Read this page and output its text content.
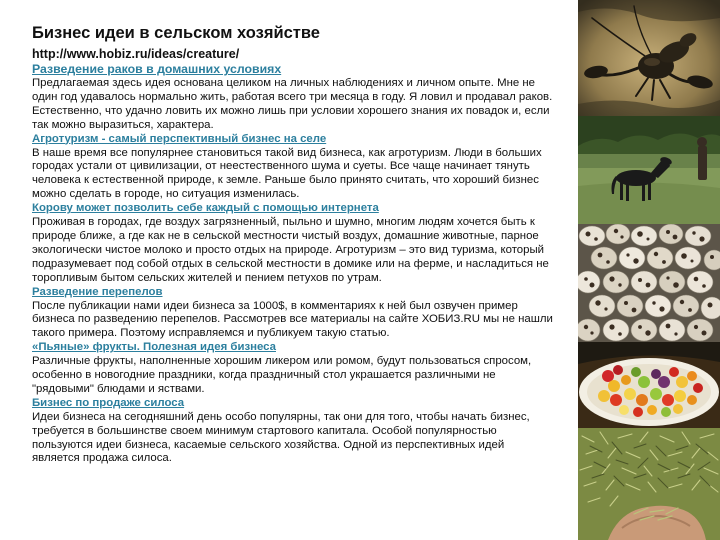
Бизнес идеи в сельском хозяйстве
http://www.hobiz.ru/ideas/creature/
Разведение раков в домашних условиях

Предлагаемая здесь идея основана целиком на личных наблюдениях и личном опыте. Мне не один год удавалось нормально жить, работая всего три месяца в году. Я ловил и продавал раков. Естественно, что удачно ловить их можно лишь при условии хорошего знания их повадок и, если так можно выразиться, характера.

Агротуризм - самый перспективный бизнес на селе

В наше время все популярнее становиться такой вид бизнеса, как агротуризм. Люди в больших городах устали от цивилизации, от неестественного шума и суеты. Все чаще начинает тянуть человека к естественной природе, к земле. Раньше было принято считать, что хороший бизнес можно сделать в городе, но ситуация изменилась.

Корову может позволить себе каждый с помощью интернета

Проживая в городах, где воздух загрязненный, пыльно и шумно, многим людям хочется быть к природе ближе, а где как не в сельской местности чистый воздух, домашние животные, парное экологически чистое молоко и просто отдых на природе. Агротуризм – это вид туризма, который подразумевает под собой отдых в сельской местности в домике или на ферме, и насладиться не торопливым бытом сельских жителей и пением петухов по утрам.

Разведение перепелов

После публикации нами идеи бизнеса за 1000$, в комментариях к ней был озвучен пример бизнеса по разведению перепелов. Рассмотрев все материалы на сайте ХОБИЗ.RU мы не нашли такого примера. Поэтому исправляемся и публикуем такую статью.

«Пьяные» фрукты. Полезная идея бизнеса

Различные фрукты, наполненные хорошим ликером или ромом, будут пользоваться спросом, особенно в новогодние праздники, когда праздничный стол украшается различными не "рядовыми" блюдами и яствами.

Бизнес по продаже силоса

Идеи бизнеса на сегодняшний день особо популярны, так они для того, чтобы начать бизнес, требуется в большинстве своем минимум стартового капитала. Особой популярностью пользуются идеи бизнеса, касаемые сельского хозяйства. Одной из перспективных идей является продажа силоса.
